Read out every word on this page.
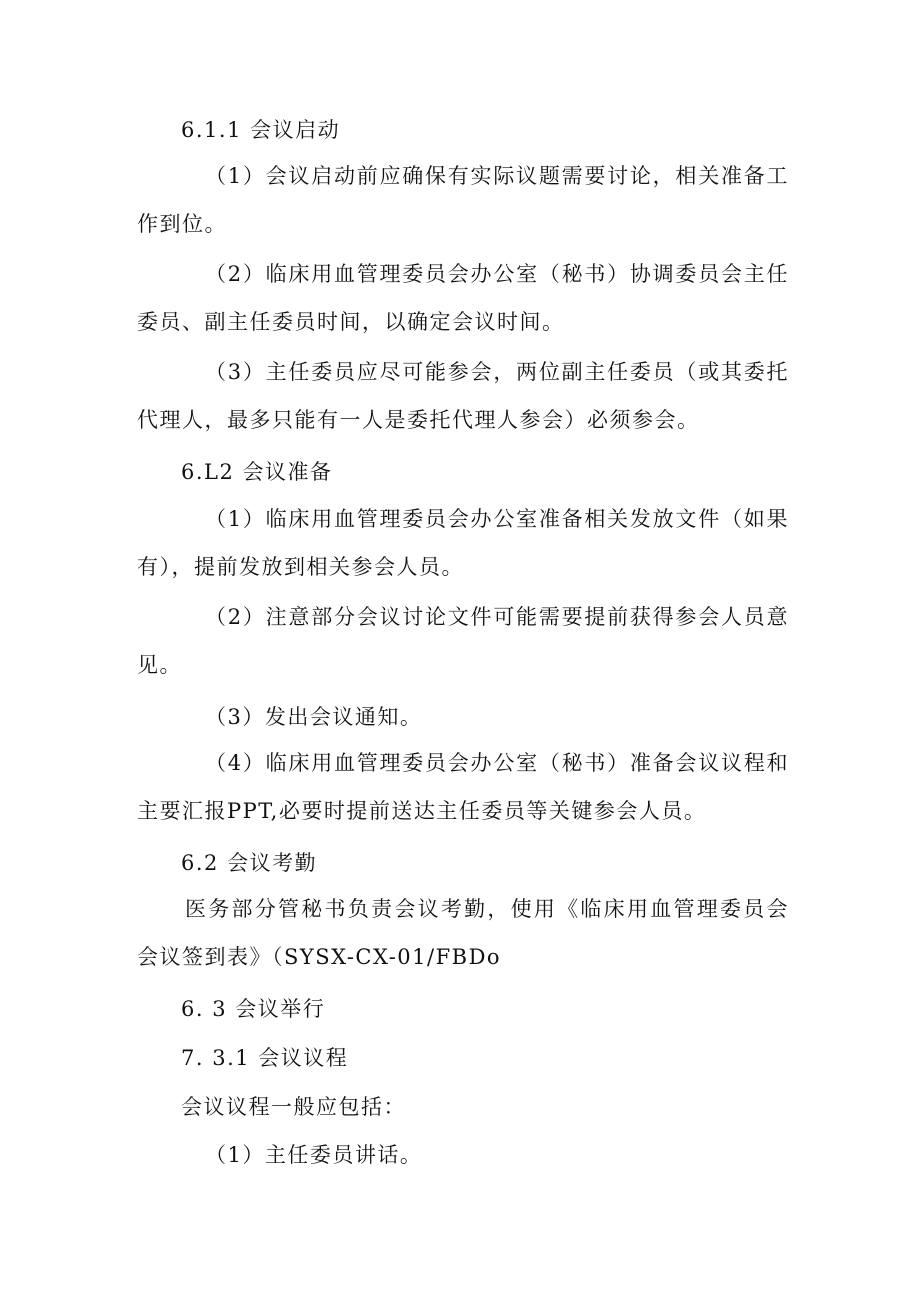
6.1.1 会议启动

（1）会议启动前应确保有实际议题需要讨论，相关准备工作到位。

（2）临床用血管理委员会办公室（秘书）协调委员会主任委员、副主任委员时间，以确定会议时间。

（3）主任委员应尽可能参会，两位副主任委员（或其委托代理人，最多只能有一人是委托代理人参会）必须参会。

6.L2 会议准备

（1）临床用血管理委员会办公室准备相关发放文件（如果有），提前发放到相关参会人员。

（2）注意部分会议讨论文件可能需要提前获得参会人员意见。

（3）发出会议通知。

（4）临床用血管理委员会办公室（秘书）准备会议议程和主要汇报PPT,必要时提前送达主任委员等关键参会人员。

6.2 会议考勤

医务部分管秘书负责会议考勤，使用《临床用血管理委员会会议签到表》（SYSX-CX-01/FBDo

6. 3 会议举行
7. 3.1 会议议程
会议议程一般应包括：
（1）主任委员讲话。
